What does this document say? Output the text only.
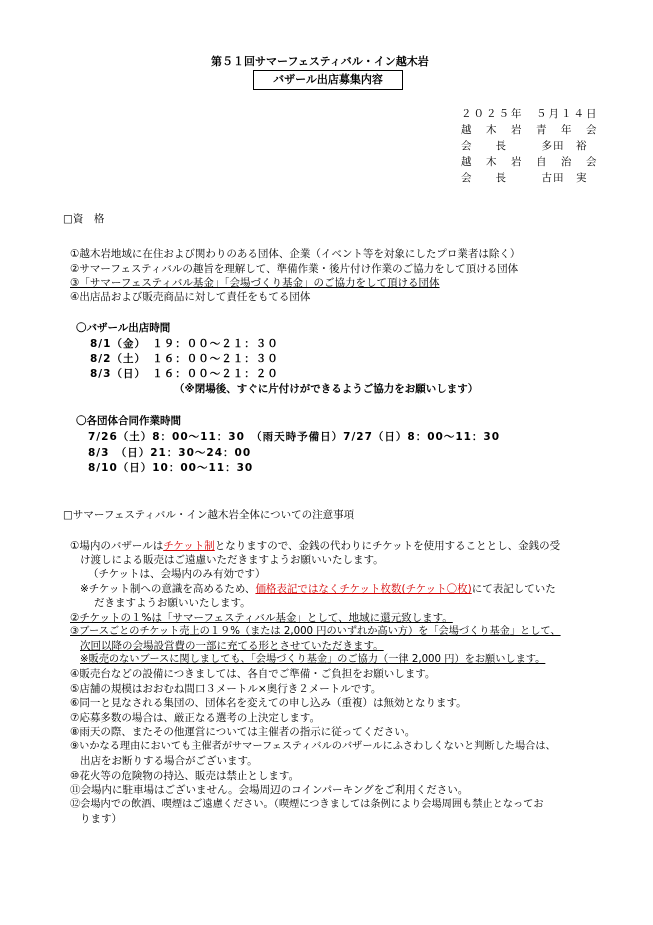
第５１回サマーフェスティバル・イン越木岩
バザール出店募集内容
２０２５年　５月１４日
越　木　岩　青　年　会
会　　長　　　多田　裕
越　木　岩　自　治　会
会　　長　　　古田　実
□資　格
①越木岩地域に在住および関わりのある団体、企業（イベント等を対象にしたプロ業者は除く）
②サマーフェスティバルの趣旨を理解して、準備作業・後片付け作業のご協力をして頂ける団体
③「サマーフェスティバル基金」「会場づくり基金」のご協力をして頂ける団体
④出店品および販売商品に対して責任をもてる団体
〇バザール出店時間
8/1（金）　１９：００～２１：３０
8/2（土）　１６：００～２１：３０
8/3（日）　１６：００～２１：２０
（※閉場後、すぐに片付けができるようご協力をお願いします）
〇各団体合同作業時間
7/26（土）8：00～11：30　（雨天時予備日）7/27（日）8：00～11：30
8/3　（日）21：30～24：00
8/10（日）10：00～11：30
□サマーフェスティバル・イン越木岩全体についての注意事項
①場内のバザールはチケット制となりますので、金銭の代わりにチケットを使用することとし、金銭の受
け渡しによる販売はご遠慮いただきますようお願いいたします。
（チケットは、会場内のみ有効です）
※チケット制への意識を高めるため、価格表記ではなくチケット枚数(チケット〇枚)にて表記していた
だきますようお願いいたします。
②チケットの１%は「サマーフェスティバル基金」として、地域に還元致します。
③ブースごとのチケット売上の１９%（または 2,000 円のいずれか高い方）を「会場づくり基金」として、
次回以降の会場設営費の一部に充てる形とさせていただきます。
※販売のないブースに関しましても、「会場づくり基金」のご協力（一律 2,000 円）をお願いします。
④販売台などの設備につきましては、各自でご準備・ご負担をお願いします。
⑤店舗の規模はおおむね間口３メートル×奥行き２メートルです。
⑥同一と見なされる集団の、団体名を変えての申し込み（重複）は無効となります。
⑦応募多数の場合は、厳正なる選考の上決定します。
⑧雨天の際、またその他運営については主催者の指示に従ってください。
⑨いかなる理由においても主催者がサマーフェスティバルのバザールにふさわしくないと判断した場合は、
出店をお断りする場合がございます。
⑩花火等の危険物の持込、販売は禁止とします。
⑪会場内に駐車場はございません。会場周辺のコインパーキングをご利用ください。
⑫会場内での飲酒、喫煙はご遠慮ください。（喫煙につきましては条例により会場周囲も禁止となってお
ります）
